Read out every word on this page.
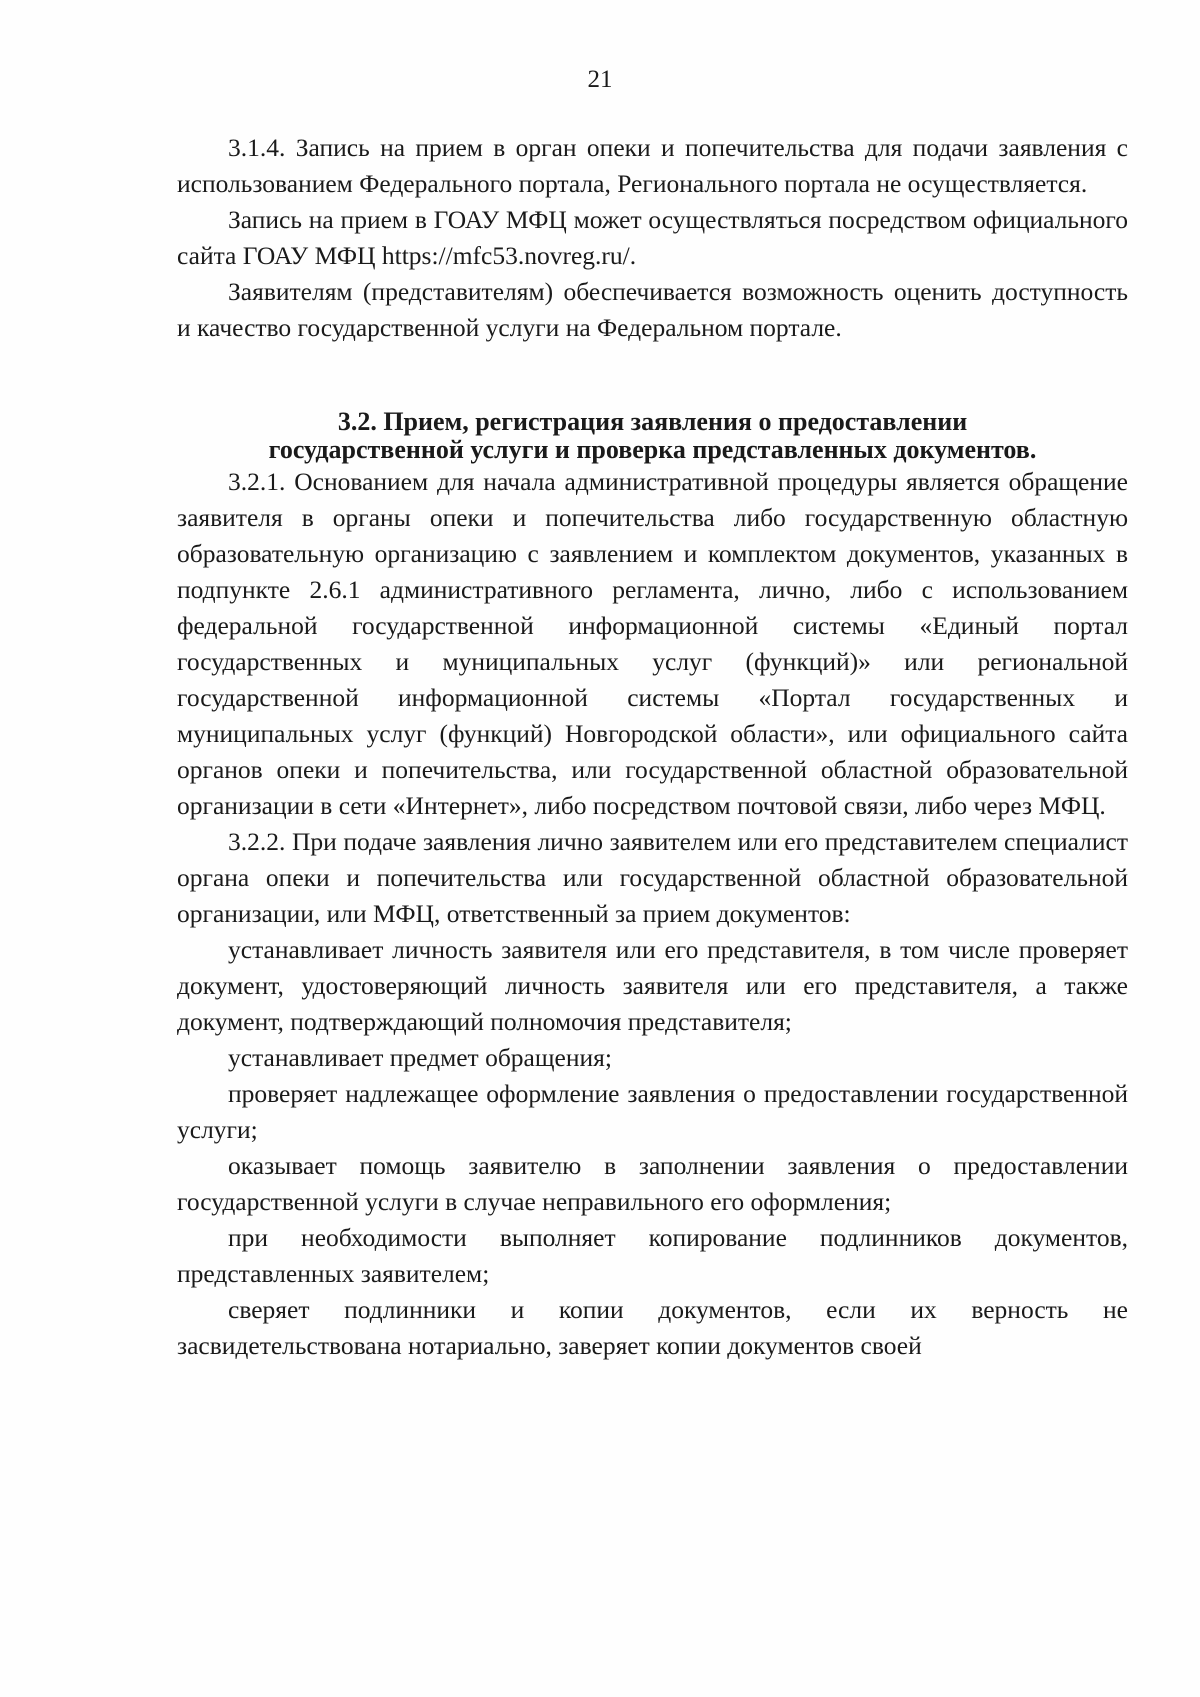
21

3.1.4. Запись на прием в орган опеки и попечительства для подачи заявления с использованием Федерального портала, Регионального портала не осуществляется.

Запись на прием в ГОАУ МФЦ может осуществляться посредством официального сайта ГОАУ МФЦ https://mfc53.novreg.ru/.

Заявителям (представителям) обеспечивается возможность оценить доступность и качество государственной услуги на Федеральном портале.

3.2. Прием, регистрация заявления о предоставлении
государственной услуги и проверка представленных документов.

3.2.1. Основанием для начала административной процедуры является обращение заявителя в органы опеки и попечительства либо государственную областную образовательную организацию с заявлением и комплектом документов, указанных в подпункте 2.6.1 административного регламента, лично, либо с использованием федеральной государственной информационной системы «Единый портал государственных и муниципальных услуг (функций)» или региональной государственной информационной системы «Портал государственных и муниципальных услуг (функций) Новгородской области», или официального сайта органов опеки и попечительства, или государственной областной образовательной организации в сети «Интернет», либо посредством почтовой связи, либо через МФЦ.

3.2.2. При подаче заявления лично заявителем или его представителем специалист органа опеки и попечительства или государственной областной образовательной организации, или МФЦ, ответственный за прием документов:

устанавливает личность заявителя или его представителя, в том числе проверяет документ, удостоверяющий личность заявителя или его представителя, а также документ, подтверждающий полномочия представителя;

устанавливает предмет обращения;

проверяет надлежащее оформление заявления о предоставлении государственной услуги;

оказывает помощь заявителю в заполнении заявления о предоставлении государственной услуги в случае неправильного его оформления;

при необходимости выполняет копирование подлинников документов, представленных заявителем;

сверяет подлинники и копии документов, если их верность не засвидетельствована нотариально, заверяет копии документов своей
